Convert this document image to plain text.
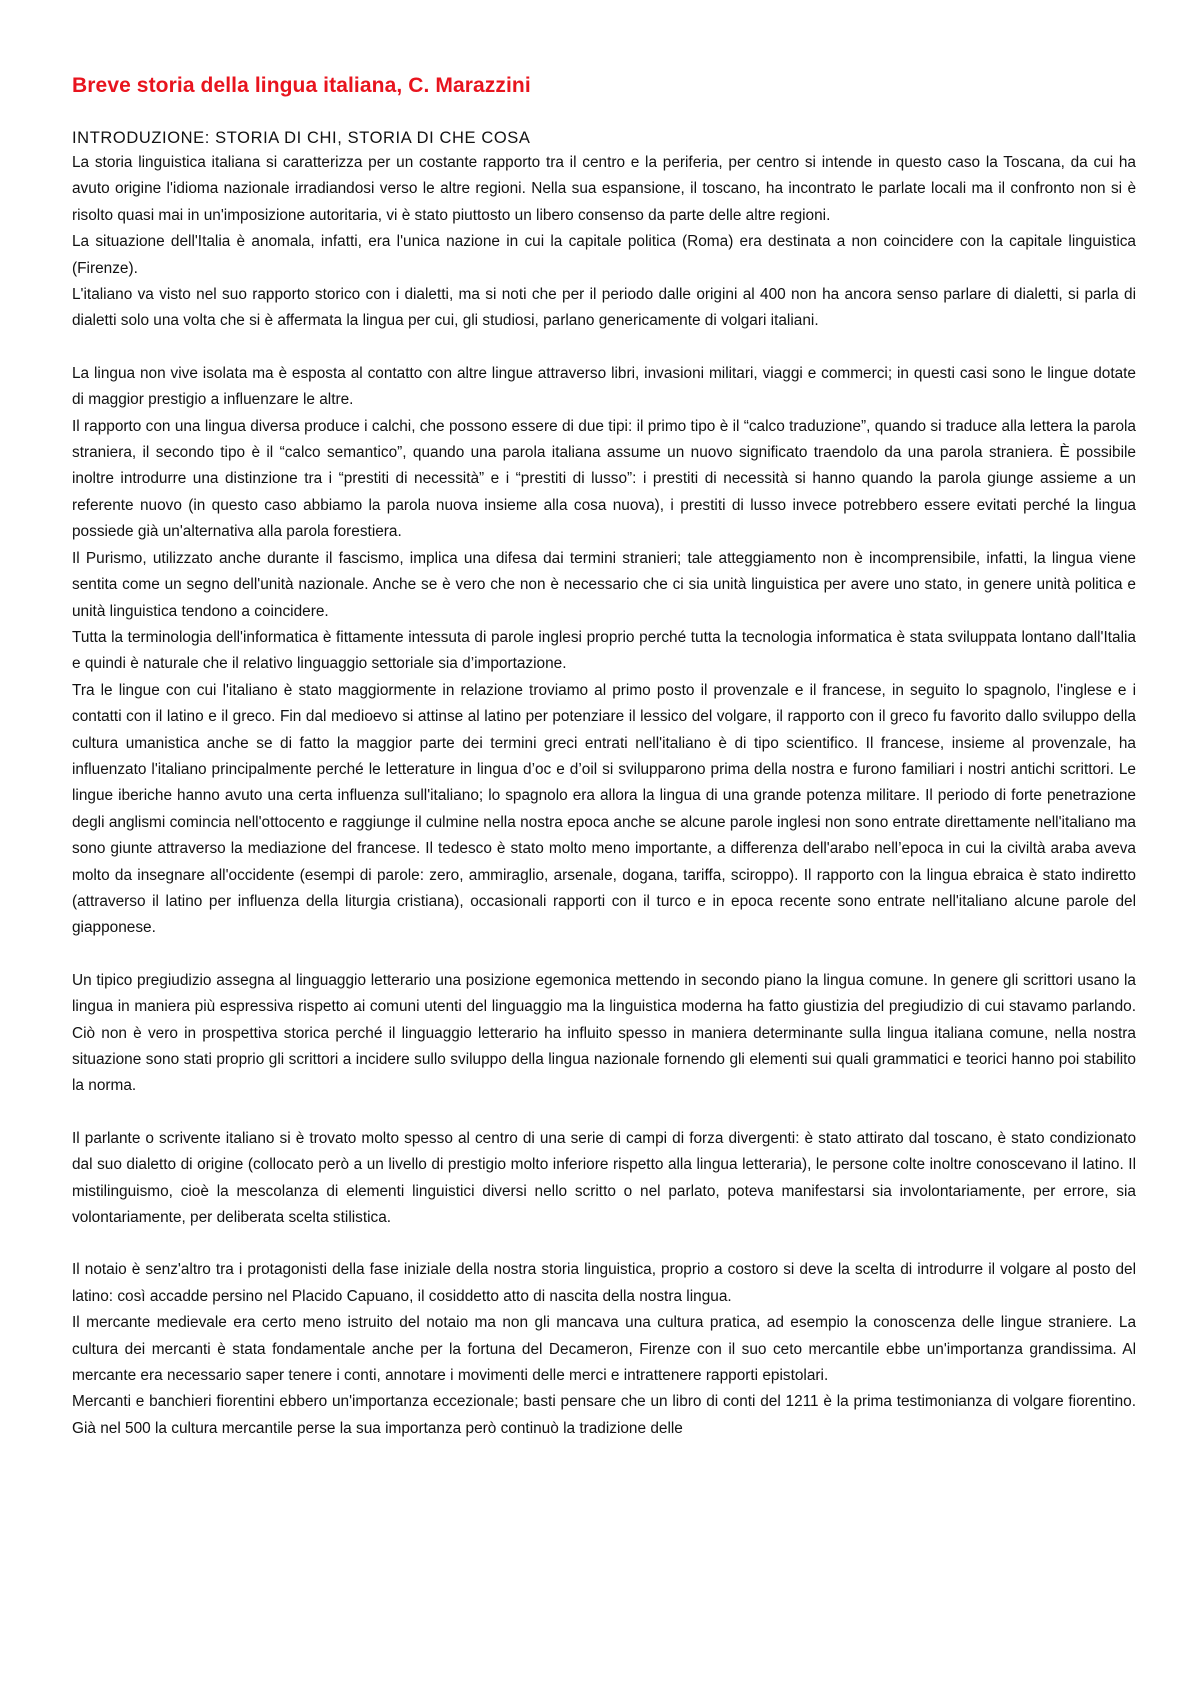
Breve storia della lingua italiana, C. Marazzini
INTRODUZIONE: STORIA DI CHI, STORIA DI CHE COSA

La storia linguistica italiana si caratterizza per un costante rapporto tra il centro e la periferia, per centro si intende in questo caso la Toscana, da cui ha avuto origine l'idioma nazionale irradiandosi verso le altre regioni. Nella sua espansione, il toscano, ha incontrato le parlate locali ma il confronto non si è risolto quasi mai in un'imposizione autoritaria, vi è stato piuttosto un libero consenso da parte delle altre regioni.

La situazione dell'Italia è anomala, infatti, era l'unica nazione in cui la capitale politica (Roma) era destinata a non coincidere con la capitale linguistica (Firenze).

L'italiano va visto nel suo rapporto storico con i dialetti, ma si noti che per il periodo dalle origini al 400 non ha ancora senso parlare di dialetti, si parla di dialetti solo una volta che si è affermata la lingua per cui, gli studiosi, parlano genericamente di volgari italiani.

La lingua non vive isolata ma è esposta al contatto con altre lingue attraverso libri, invasioni militari, viaggi e commerci; in questi casi sono le lingue dotate di maggior prestigio a influenzare le altre.

Il rapporto con una lingua diversa produce i calchi, che possono essere di due tipi: il primo tipo è il “calco traduzione”, quando si traduce alla lettera la parola straniera, il secondo tipo è il “calco semantico”, quando una parola italiana assume un nuovo significato traendolo da una parola straniera. È possibile inoltre introdurre una distinzione tra i “prestiti di necessità” e i “prestiti di lusso”: i prestiti di necessità si hanno quando la parola giunge assieme a un referente nuovo (in questo caso abbiamo la parola nuova insieme alla cosa nuova), i prestiti di lusso invece potrebbero essere evitati perché la lingua possiede già un'alternativa alla parola forestiera.

Il Purismo, utilizzato anche durante il fascismo, implica una difesa dai termini stranieri; tale atteggiamento non è incomprensibile, infatti, la lingua viene sentita come un segno dell'unità nazionale. Anche se è vero che non è necessario che ci sia unità linguistica per avere uno stato, in genere unità politica e unità linguistica tendono a coincidere.

Tutta la terminologia dell'informatica è fittamente intessuta di parole inglesi proprio perché tutta la tecnologia informatica è stata sviluppata lontano dall'Italia e quindi è naturale che il relativo linguaggio settoriale sia d’importazione.

Tra le lingue con cui l'italiano è stato maggiormente in relazione troviamo al primo posto il provenzale e il francese, in seguito lo spagnolo, l'inglese e i contatti con il latino e il greco. Fin dal medioevo si attinse al latino per potenziare il lessico del volgare, il rapporto con il greco fu favorito dallo sviluppo della cultura umanistica anche se di fatto la maggior parte dei termini greci entrati nell'italiano è di tipo scientifico. Il francese, insieme al provenzale, ha influenzato l'italiano principalmente perché le letterature in lingua d’oc e d’oil si svilupparono prima della nostra e furono familiari i nostri antichi scrittori. Le lingue iberiche hanno avuto una certa influenza sull'italiano; lo spagnolo era allora la lingua di una grande potenza militare. Il periodo di forte penetrazione degli anglismi comincia nell'ottocento e raggiunge il culmine nella nostra epoca anche se alcune parole inglesi non sono entrate direttamente nell'italiano ma sono giunte attraverso la mediazione del francese. Il tedesco è stato molto meno importante, a differenza dell'arabo nell’epoca in cui la civiltà araba aveva molto da insegnare all'occidente (esempi di parole: zero, ammiraglio, arsenale, dogana, tariffa, sciroppo). Il rapporto con la lingua ebraica è stato indiretto (attraverso il latino per influenza della liturgia cristiana), occasionali rapporti con il turco e in epoca recente sono entrate nell'italiano alcune parole del giapponese.

Un tipico pregiudizio assegna al linguaggio letterario una posizione egemonica mettendo in secondo piano la lingua comune. In genere gli scrittori usano la lingua in maniera più espressiva rispetto ai comuni utenti del linguaggio ma la linguistica moderna ha fatto giustizia del pregiudizio di cui stavamo parlando. Ciò non è vero in prospettiva storica perché il linguaggio letterario ha influito spesso in maniera determinante sulla lingua italiana comune, nella nostra situazione sono stati proprio gli scrittori a incidere sullo sviluppo della lingua nazionale fornendo gli elementi sui quali grammatici e teorici hanno poi stabilito la norma.

Il parlante o scrivente italiano si è trovato molto spesso al centro di una serie di campi di forza divergenti: è stato attirato dal toscano, è stato condizionato dal suo dialetto di origine (collocato però a un livello di prestigio molto inferiore rispetto alla lingua letteraria), le persone colte inoltre conoscevano il latino. Il mistilinguismo, cioè la mescolanza di elementi linguistici diversi nello scritto o nel parlato, poteva manifestarsi sia involontariamente, per errore, sia volontariamente, per deliberata scelta stilistica.

Il notaio è senz'altro tra i protagonisti della fase iniziale della nostra storia linguistica, proprio a costoro si deve la scelta di introdurre il volgare al posto del latino: così accadde persino nel Placido Capuano, il cosiddetto atto di nascita della nostra lingua.

Il mercante medievale era certo meno istruito del notaio ma non gli mancava una cultura pratica, ad esempio la conoscenza delle lingue straniere. La cultura dei mercanti è stata fondamentale anche per la fortuna del Decameron, Firenze con il suo ceto mercantile ebbe un'importanza grandissima. Al mercante era necessario saper tenere i conti, annotare i movimenti delle merci e intrattenere rapporti epistolari.

Mercanti e banchieri fiorentini ebbero un'importanza eccezionale; basti pensare che un libro di conti del 1211 è la prima testimonianza di volgare fiorentino. Già nel 500 la cultura mercantile perse la sua importanza però continuò la tradizione delle
